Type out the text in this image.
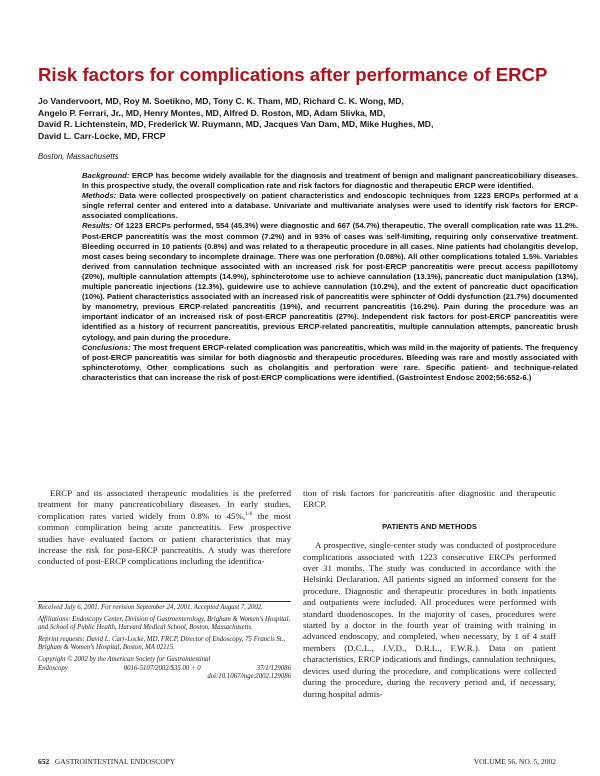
Risk factors for complications after performance of ERCP
Jo Vandervoort, MD, Roy M. Soetikno, MD, Tony C. K. Tham, MD, Richard C. K. Wong, MD,
Angelo P. Ferrari, Jr., MD, Henry Montes, MD, Alfred D. Roston, MD, Adam Slivka, MD,
David R. Lichtenstein, MD, Frederick W. Ruymann, MD, Jacques Van Dam, MD, Mike Hughes, MD,
David L. Carr-Locke, MD, FRCP
Boston, Massachusetts

Background: ERCP has become widely available for the diagnosis and treatment of benign and malignant pancreaticobiliary diseases. In this prospective study, the overall complication rate and risk factors for diagnostic and therapeutic ERCP were identified.

Methods: Data were collected prospectively on patient characteristics and endoscopic techniques from 1223 ERCPs performed at a single referral center and entered into a database. Univariate and multivariate analyses were used to identify risk factors for ERCP-associated complications.

Results: Of 1223 ERCPs performed, 554 (45.3%) were diagnostic and 667 (54.7%) therapeutic. The overall complication rate was 11.2%. Post-ERCP pancreatitis was the most common (7.2%) and in 93% of cases was self-limiting, requiring only conservative treatment. Bleeding occurred in 10 patients (0.8%) and was related to a therapeutic procedure in all cases. Nine patients had cholangitis develop, most cases being secondary to incomplete drainage. There was one perforation (0.08%). All other complications totaled 1.5%. Variables derived from cannulation technique associated with an increased risk for post-ERCP pancreatitis were precut access papillotomy (20%), multiple cannulation attempts (14.9%), sphincterotome use to achieve cannulation (13.1%), pancreatic duct manipulation (13%), multiple pancreatic injections (12.3%), guidewire use to achieve cannulation (10.2%), and the extent of pancreatic duct opacification (10%). Patient characteristics associated with an increased risk of pancreatitis were sphincter of Oddi dysfunction (21.7%) documented by manometry, previous ERCP-related pancreatitis (19%), and recurrent pancreatitis (16.2%). Pain during the procedure was an important indicator of an increased risk of post-ERCP pancreatitis (27%). Independent risk factors for post-ERCP pancreatitis were identified as a history of recurrent pancreatitis, previous ERCP-related pancreatitis, multiple cannulation attempts, pancreatic brush cytology, and pain during the procedure.

Conclusions: The most frequent ERCP-related complication was pancreatitis, which was mild in the majority of patients. The frequency of post-ERCP pancreatitis was similar for both diagnostic and therapeutic procedures. Bleeding was rare and mostly associated with sphincterotomy. Other complications such as cholangitis and perforation were rare. Specific patient- and technique-related characteristics that can increase the risk of post-ERCP complications were identified. (Gastrointest Endosc 2002;56:652-6.)

ERCP and its associated therapeutic modalities is the preferred treatment for many pancreaticobiliary diseases. In early studies, complication rates varied widely from 0.8% to 45%,$^{1-6}$ the most common complication being acute pancreatitis. Few prospective studies have evaluated factors or patient characteristics that may increase the risk for post-ERCP pancreatitis. A study was therefore conducted of post-ERCP complications including the identifica-

Received July 6, 2001. For revision September 24, 2001. Accepted August 7, 2002.

Affiliations: Endoscopy Center, Division of Gastroenterology, Brigham & Women's Hospital, and School of Public Health, Harvard Medical School, Boston, Massachusetts.

Reprint requests: David L. Carr-Locke, MD, FRCP, Director of Endoscopy, 75 Francis St., Brigham & Women's Hospital, Boston, MA 02115.

Copyright © 2002 by the American Society for Gastrointestinal
Endoscopy	0016-5107/2002/$35.00 + 0	37/1/129086
doi:10.1067/mge.2002.129086

tion of risk factors for pancreatitis after diagnostic and therapeutic ERCP.

PATIENTS AND METHODS

A prospective, single-center study was conducted of postprocedure complications associated with 1223 consecutive ERCPs performed over 31 months. The study was conducted in accordance with the Helsinki Declaration. All patients signed an informed consent for the procedure. Diagnostic and therapeutic procedures in both inpatients and outpatients were included. All procedures were performed with standard duodenoscopes. In the majority of cases, procedures were started by a doctor in the fourth year of training with training in advanced endoscopy, and completed, when necessary, by 1 of 4 staff members (D.C.L., J.V.D., D.R.L., F.W.R.). Data on patient characteristics, ERCP indications and findings, cannulation techniques, devices used during the procedure, and complications were collected during the procedure, during the recovery period and, if necessary, during hospital admis-

652 GASTROINTESTINAL ENDOSCOPY	VOLUME 56, NO. 5, 2002
